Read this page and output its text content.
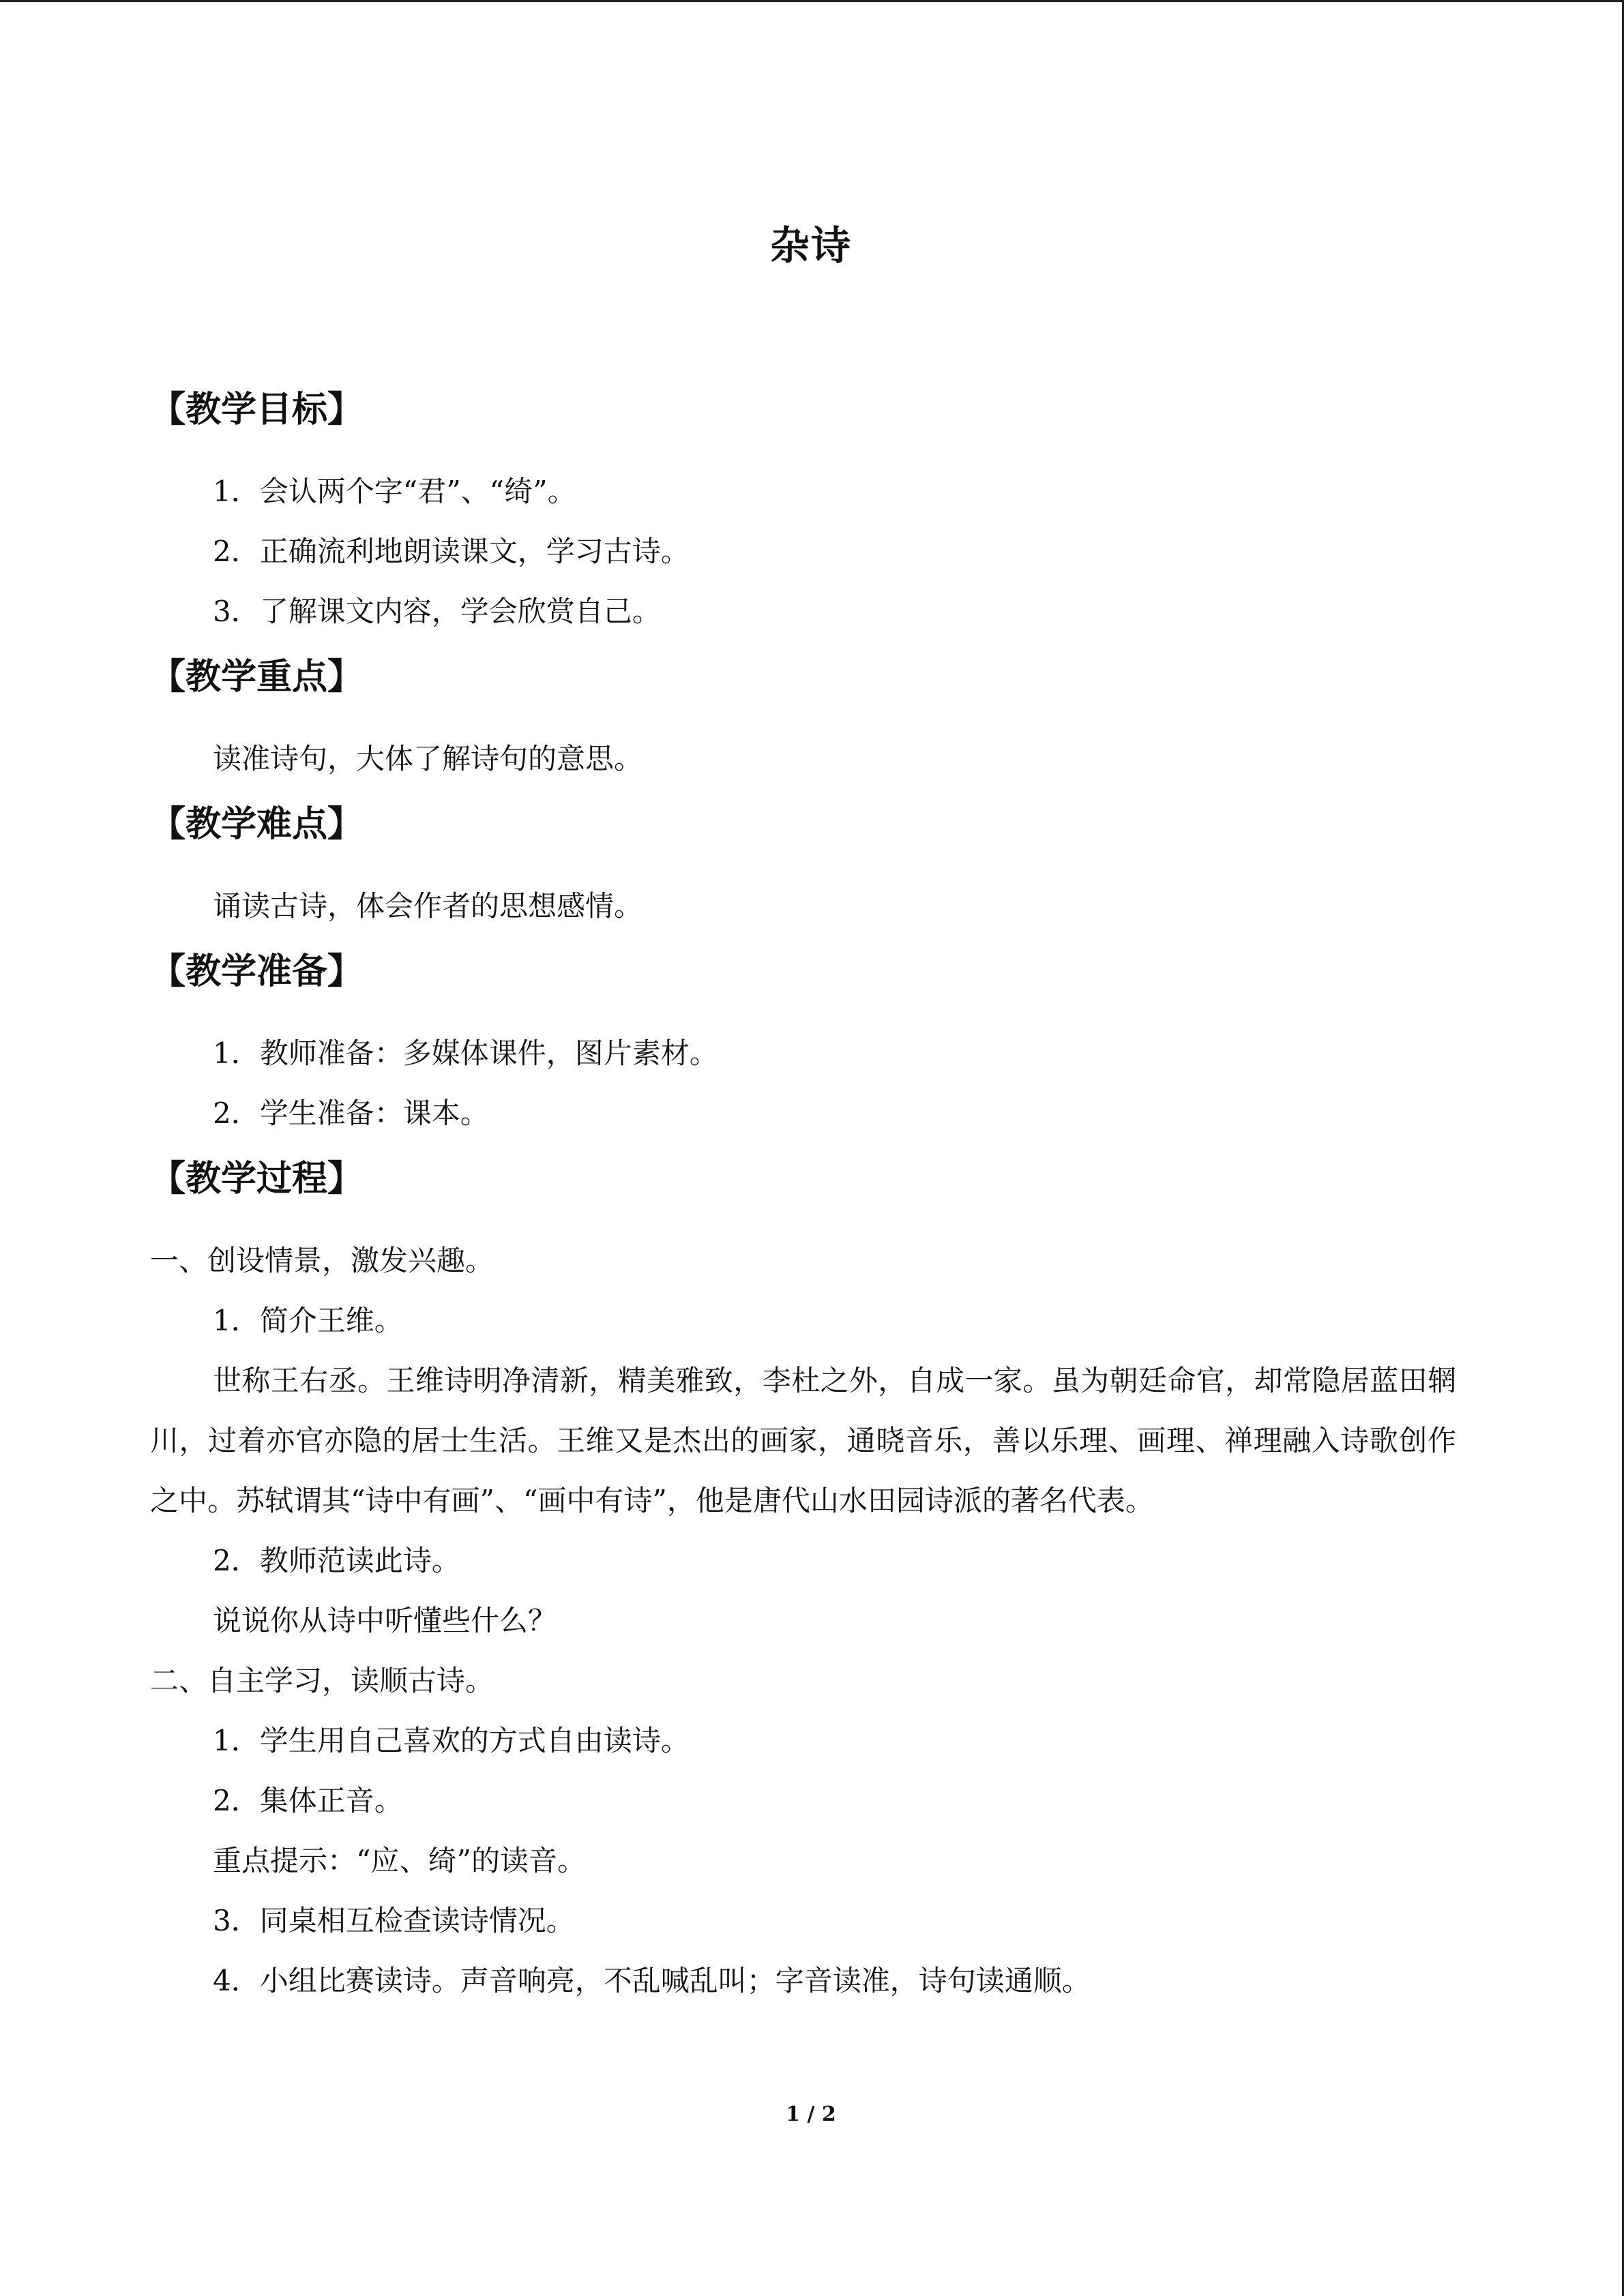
杂诗
【教学目标】

1．会认两个字“君”、“绮”。

2．正确流利地朗读课文，学习古诗。

3．了解课文内容，学会欣赏自己。

【教学重点】

读准诗句，大体了解诗句的意思。

【教学难点】

诵读古诗，体会作者的思想感情。

【教学准备】

1．教师准备：多媒体课件，图片素材。

2．学生准备：课本。

【教学过程】

一、创设情景，激发兴趣。

1．简介王维。

世称王右丞。王维诗明净清新，精美雅致，李杜之外，自成一家。虽为朝廷命官，却常隐居蓝田辋川，过着亦官亦隐的居士生活。王维又是杰出的画家，通晓音乐，善以乐理、画理、禅理融入诗歌创作之中。苏轼谓其“诗中有画”、“画中有诗”，他是唐代山水田园诗派的著名代表。

2．教师范读此诗。

说说你从诗中听懂些什么？

二、自主学习，读顺古诗。

1．学生用自己喜欢的方式自由读诗。

2．集体正音。

重点提示：“应、绮”的读音。

3．同桌相互检查读诗情况。

4．小组比赛读诗。声音响亮，不乱喊乱叫；字音读准，诗句读通顺。

1 / 2
